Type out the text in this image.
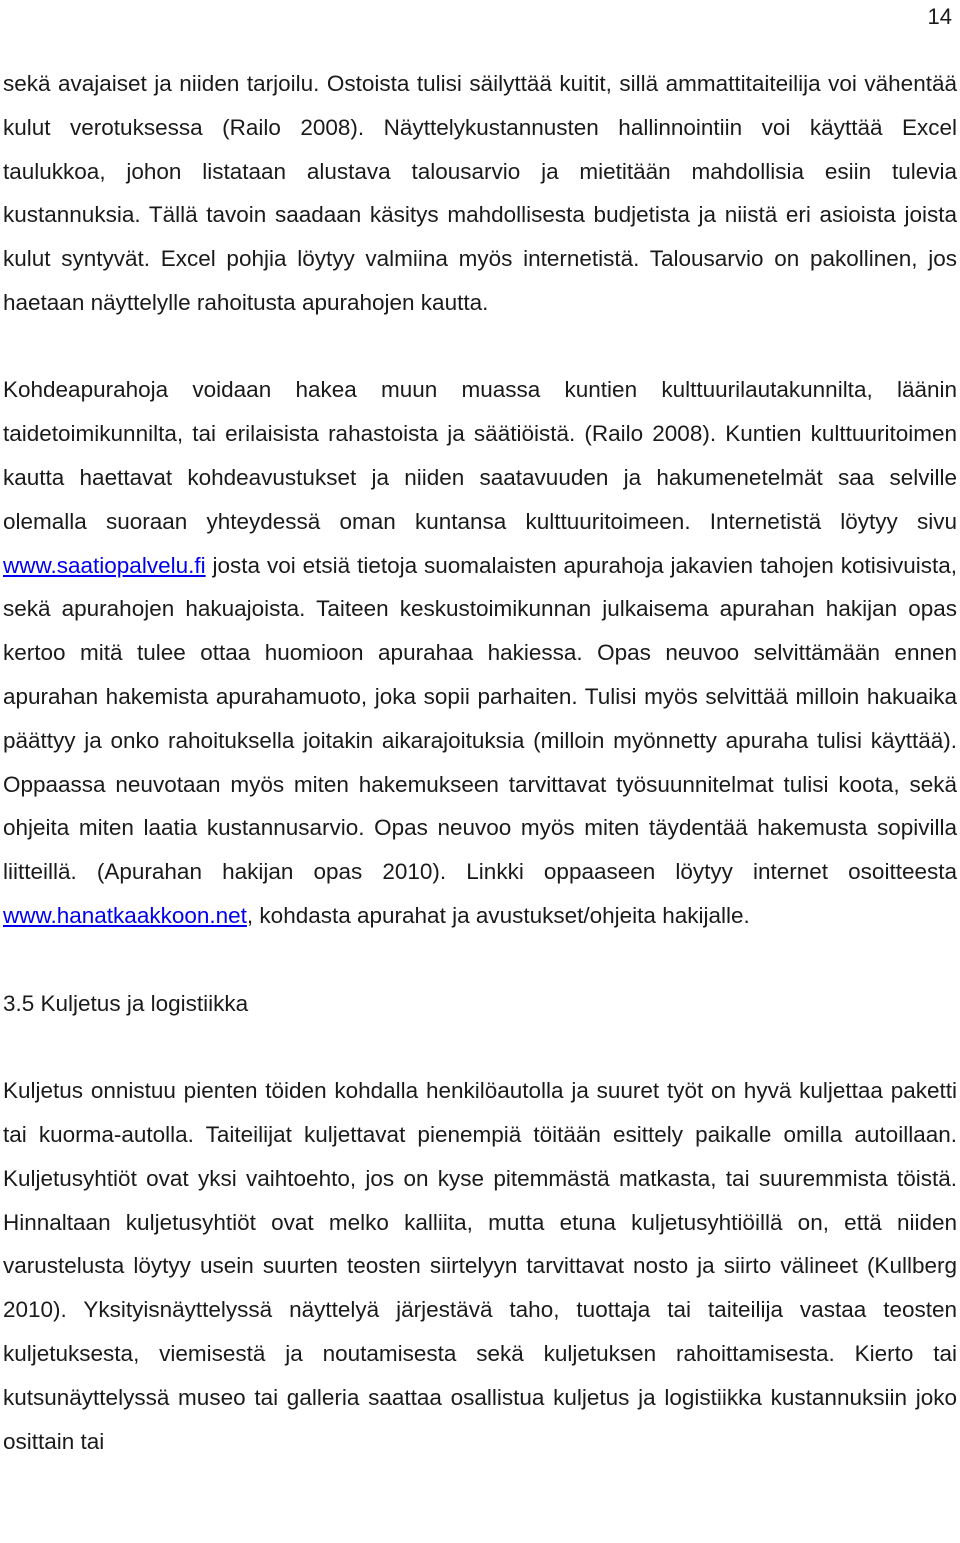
14

sekä avajaiset ja niiden tarjoilu. Ostoista tulisi säilyttää kuitit, sillä ammattitaiteilija voi vähentää kulut verotuksessa (Railo 2008). Näyttelykustannusten hallinnointiin voi käyttää Excel taulukkoa, johon listataan alustava talousarvio ja mietitään mahdollisia esiin tulevia kustannuksia. Tällä tavoin saadaan käsitys mahdollisesta budjetista ja niistä eri asioista joista kulut syntyvät. Excel pohjia löytyy valmiina myös internetistä. Talousarvio on pakollinen, jos haetaan näyttelylle rahoitusta apurahojen kautta.

Kohdeapurahoja voidaan hakea muun muassa kuntien kulttuurilautakunnilta, läänin taidetoimikunnilta, tai erilaisista rahastoista ja säätiöistä. (Railo 2008). Kuntien kulttuuritoimen kautta haettavat kohdeavustukset ja niiden saatavuuden ja hakumenetelmät saa selville olemalla suoraan yhteydessä oman kuntansa kulttuuritoimeen. Internetistä löytyy sivu www.saatiopalvelu.fi josta voi etsiä tietoja suomalaisten apurahoja jakavien tahojen kotisivuista, sekä apurahojen hakuajoista. Taiteen keskustoimikunnan julkaisema apurahan hakijan opas kertoo mitä tulee ottaa huomioon apurahaa hakiessa. Opas neuvoo selvittämään ennen apurahan hakemista apurahamuoto, joka sopii parhaiten. Tulisi myös selvittää milloin hakuaika päättyy ja onko rahoituksella joitakin aikarajoituksia (milloin myönnetty apuraha tulisi käyttää). Oppaassa neuvotaan myös miten hakemukseen tarvittavat työsuunnitelmat tulisi koota, sekä ohjeita miten laatia kustannusarvio. Opas neuvoo myös miten täydentää hakemusta sopivilla liitteillä. (Apurahan hakijan opas 2010). Linkki oppaaseen löytyy internet osoitteesta www.hanatkaakkoon.net, kohdasta apurahat ja avustukset/ohjeita hakijalle.

3.5 Kuljetus ja logistiikka

Kuljetus onnistuu pienten töiden kohdalla henkilöautolla ja suuret työt on hyvä kuljettaa paketti tai kuorma-autolla. Taiteilijat kuljettavat pienempiä töitään esittely paikalle omilla autoillaan. Kuljetusyhtiöt ovat yksi vaihtoehto, jos on kyse pitemmästä matkasta, tai suuremmista töistä. Hinnaltaan kuljetusyhtiöt ovat melko kalliita, mutta etuna kuljetusyhtiöillä on, että niiden varustelusta löytyy usein suurten teosten siirtelyyn tarvittavat nosto ja siirto välineet (Kullberg 2010). Yksityisnäyttelyssä näyttelyä järjestävä taho, tuottaja tai taiteilija vastaa teosten kuljetuksesta, viemisestä ja noutamisesta sekä kuljetuksen rahoittamisesta. Kierto tai kutsunäyttelyssä museo tai galleria saattaa osallistua kuljetus ja logistiikka kustannuksiin joko osittain tai
